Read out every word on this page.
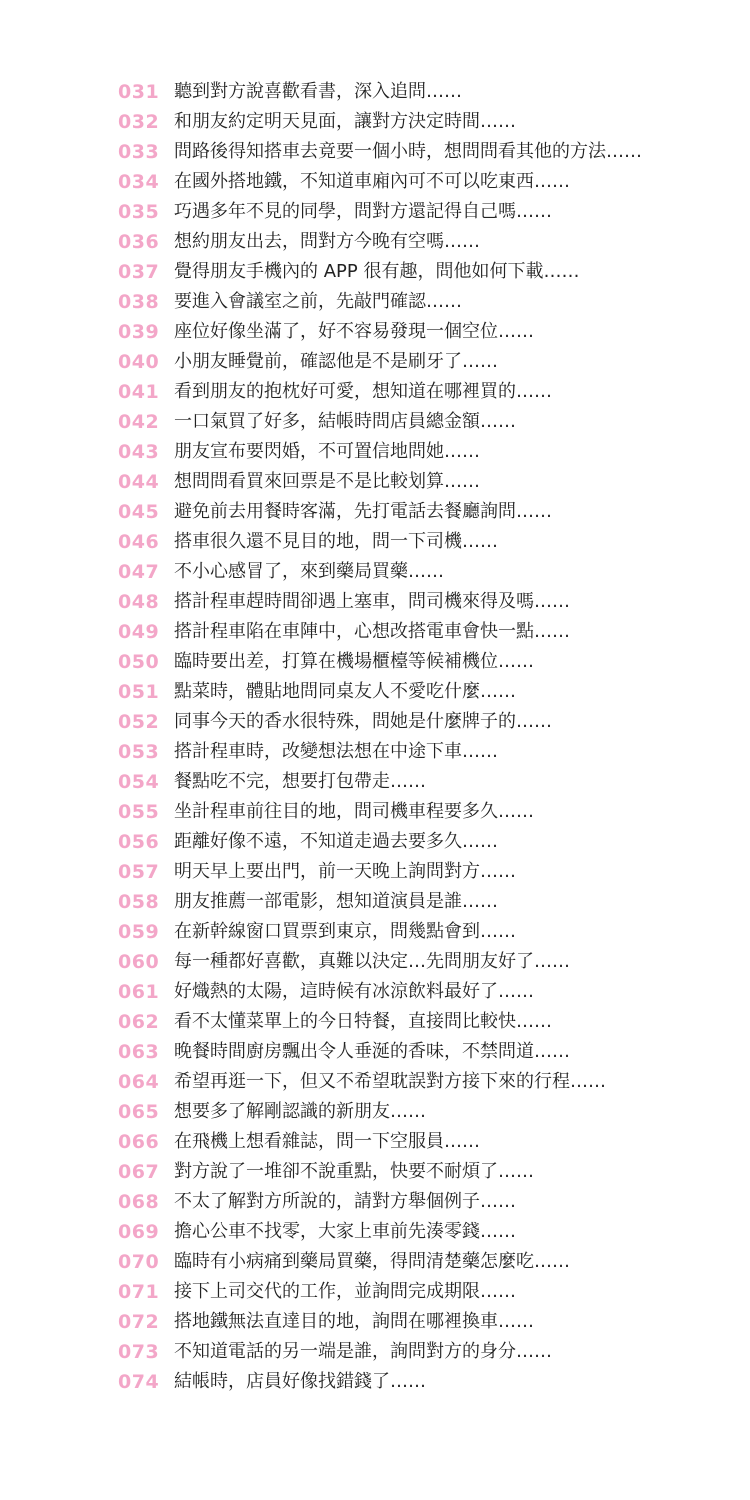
031 聽到對方說喜歡看書，深入追問……
032 和朋友約定明天見面，讓對方決定時間……
033 問路後得知搭車去竟要一個小時，想問問看其他的方法……
034 在國外搭地鐵，不知道車廂內可不可以吃東西……
035 巧遇多年不見的同學，問對方還記得自己嗎……
036 想約朋友出去，問對方今晚有空嗎……
037 覺得朋友手機內的 APP 很有趣，問他如何下載……
038 要進入會議室之前，先敲門確認……
039 座位好像坐滿了，好不容易發現一個空位……
040 小朋友睡覺前，確認他是不是刷牙了……
041 看到朋友的抱枕好可愛，想知道在哪裡買的……
042 一口氣買了好多，結帳時問店員總金額……
043 朋友宣布要閃婚，不可置信地問她……
044 想問問看買來回票是不是比較划算……
045 避免前去用餐時客滿，先打電話去餐廳詢問……
046 搭車很久還不見目的地，問一下司機……
047 不小心感冒了，來到藥局買藥……
048 搭計程車趕時間卻遇上塞車，問司機來得及嗎……
049 搭計程車陷在車陣中，心想改搭電車會快一點……
050 臨時要出差，打算在機場櫃檯等候補機位……
051 點菜時，體貼地問同桌友人不愛吃什麼……
052 同事今天的香水很特殊，問她是什麼牌子的……
053 搭計程車時，改變想法想在中途下車……
054 餐點吃不完，想要打包帶走……
055 坐計程車前往目的地，問司機車程要多久……
056 距離好像不遠，不知道走過去要多久……
057 明天早上要出門，前一天晚上詢問對方……
058 朋友推薦一部電影，想知道演員是誰……
059 在新幹線窗口買票到東京，問幾點會到……
060 每一種都好喜歡，真難以決定…先問朋友好了……
061 好熾熱的太陽，這時候有冰涼飲料最好了……
062 看不太懂菜單上的今日特餐，直接問比較快……
063 晚餐時間廚房飄出令人垂涎的香味，不禁問道……
064 希望再逛一下，但又不希望耽誤對方接下來的行程……
065 想要多了解剛認識的新朋友……
066 在飛機上想看雜誌，問一下空服員……
067 對方說了一堆卻不說重點，快要不耐煩了……
068 不太了解對方所說的，請對方舉個例子……
069 擔心公車不找零，大家上車前先湊零錢……
070 臨時有小病痛到藥局買藥，得問清楚藥怎麼吃……
071 接下上司交代的工作，並詢問完成期限……
072 搭地鐵無法直達目的地，詢問在哪裡換車……
073 不知道電話的另一端是誰，詢問對方的身分……
074 結帳時，店員好像找錯錢了……
